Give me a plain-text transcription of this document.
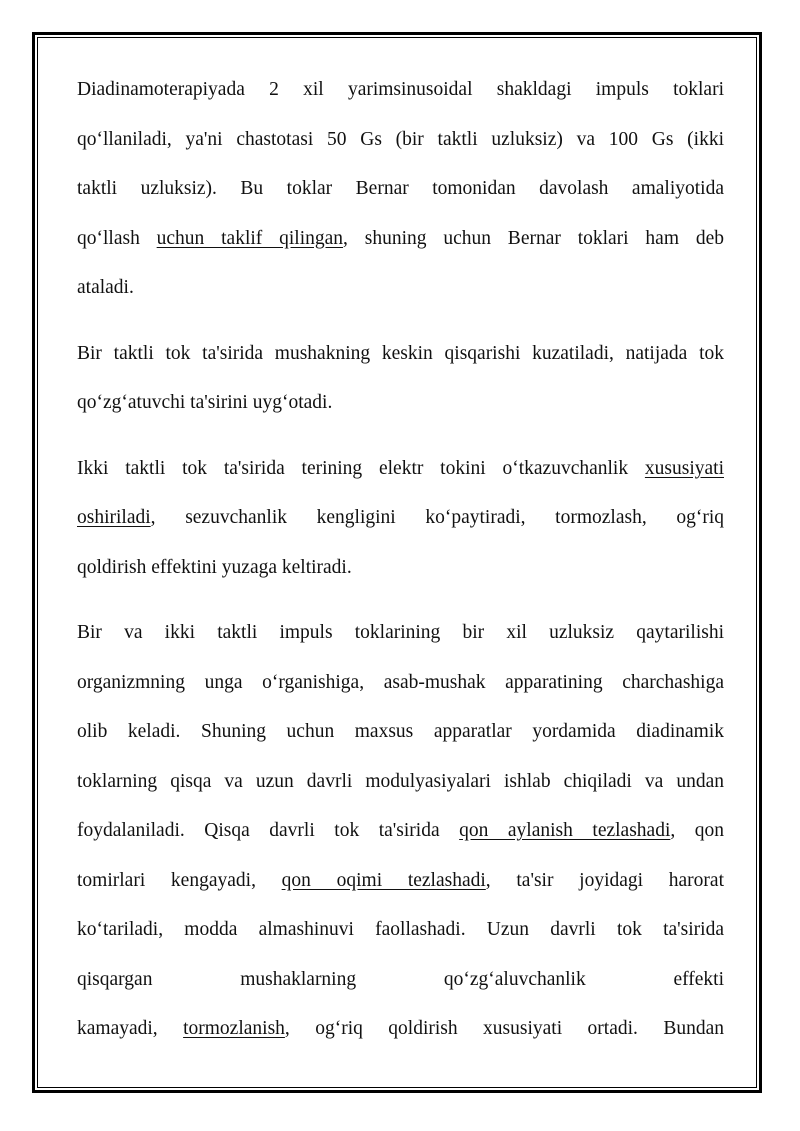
Diadinamoterapiyada 2 xil yarimsinusoidal shakldagi impuls toklari
qo‘llaniladi, ya'ni chastotasi 50 Gs (bir taktli uzluksiz) va 100 Gs (ikki
taktli uzluksiz). Bu toklar Bernar tomonidan davolash amaliyotida
qo‘llash uchun taklif qilingan, shuning uchun Bernar toklari ham deb
ataladi.
Bir taktli tok ta'sirida mushakning keskin qisqarishi kuzatiladi, natijada tok
qo‘zg‘atuvchi ta'sirini uyg‘otadi.
Ikki taktli tok ta'sirida terining elektr tokini o‘tkazuvchanlik xususiyati
oshiriladi, sezuvchanlik kengligini ko‘paytiradi, tormozlash, og‘riq
qoldirish effektini yuzaga keltiradi.
Bir va ikki taktli impuls toklarining bir xil uzluksiz qaytarilishi
organizmning unga o‘rganishiga, asab-mushak apparatining charchashiga
olib keladi. Shuning uchun maxsus apparatlar yordamida diadinamik
toklarning qisqa va uzun davrli modulyasiyalari ishlab chiqiladi va undan
foydalaniladi. Qisqa davrli tok ta'sirida qon aylanish tezlashadi, qon
tomirlari kengayadi, qon oqimi tezlashadi, ta'sir joyidagi harorat
ko‘tariladi, modda almashinuvi faollashadi. Uzun davrli tok ta'sirida
qisqargan mushaklarning qo‘zg‘aluvchanlik effekti
kamayadi, tormozlanish, og‘riq qoldirish xususiyati ortadi. Bundan
